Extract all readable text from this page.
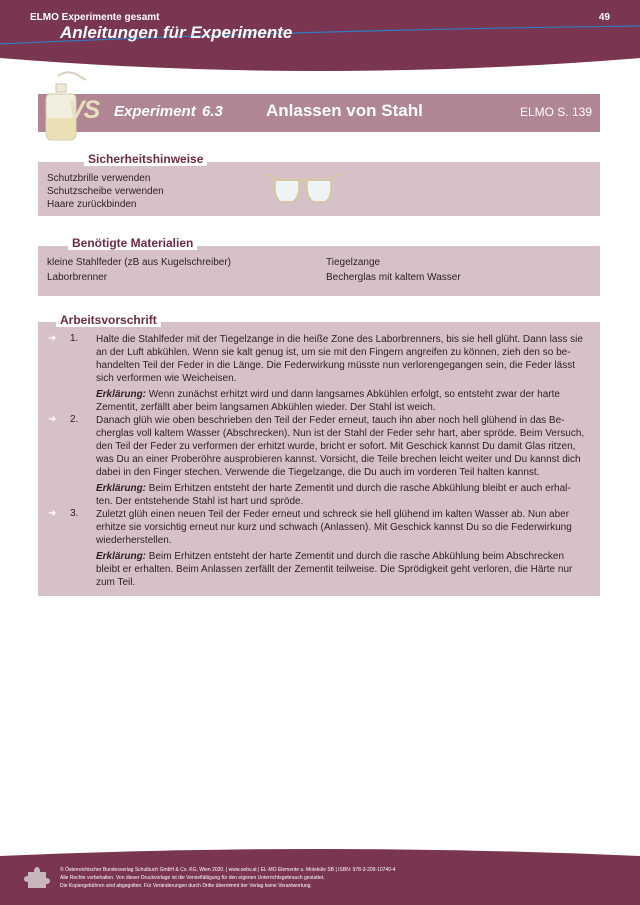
ELMO Experimente gesamt
Anleitungen für Experimente
49
VS Experiment 6.3	Anlassen von Stahl	ELMO S. 139
Sicherheitshinweise
Schutzbrille verwenden
Schutzscheibe verwenden
Haare zurückbinden
Benötigte Materialien
kleine Stahlfeder (zB aus Kugelschreiber)
Laborbrenner
Tiegelzange
Becherglas mit kaltem Wasser
➜ 1. Halte die Stahlfeder mit der Tiegelzange in die heiße Zone des Laborbrenners, bis sie hell glüht. Dann lass sie
an der Luft abkühlen. Wenn sie kalt genug ist, um sie mit den Fingern angreifen zu können, zieh den so be-
handelten Teil der Feder in die Länge. Die Federwirkung müsste nun verlorengegangen sein, die Feder lässt
sich verformen wie Weicheisen.
Erklärung: Wenn zunächst erhitzt wird und dann langsames Abkühlen erfolgt, so entsteht zwar der harte
Zementit, zerfällt aber beim langsamen Abkühlen wieder. Der Stahl ist weich.
➜ 2. Danach glüh wie oben beschrieben den Teil der Feder erneut, tauch ihn aber noch hell glühend in das Be-
cherglas voll kaltem Wasser (Abschrecken). Nun ist der Stahl der Feder sehr hart, aber spröde. Beim Versuch,
den Teil der Feder zu verformen der erhitzt wurde, bricht er sofort. Mit Geschick kannst Du damit Glas ritzen,
was Du an einer Proberöhre ausprobieren kannst. Vorsicht, die Teile brechen leicht weiter und Du kannst dich
dabei in den Finger stechen. Verwende die Tiegelzange, die Du auch im vorderen Teil halten kannst.
Erklärung: Beim Erhitzen entsteht der harte Zementit und durch die rasche Abkühlung bleibt er auch erhal-
ten. Der entstehende Stahl ist hart und spröde.
➜ 3. Zuletzt glüh einen neuen Teil der Feder erneut und schreck sie hell glühend im kalten Wasser ab. Nun aber
erhitze sie vorsichtig erneut nur kurz und schwach (Anlassen). Mit Geschick kannst Du so die Federwirkung
wiederherstellen.
Erklärung: Beim Erhitzen entsteht der harte Zementit und durch die rasche Abkühlung beim Abschrecken
bleibt er erhalten. Beim Anlassen zerfällt der Zementit teilweise. Die Sprödigkeit geht verloren, die Härte nur
zum Teil.
Arbeitsvorschrift
© Österreichischer Bundesverlag Schulbuch GmbH & Co. KG, Wien 2020. | www.oebv.at | EL-MO Elemente u. Moleküle SB | ISBN: 978-3-209-10740-4
Alle Rechte vorbehalten. Von dieser Druckvorlage ist die Vervielfältigung für den eigenen Unterrichtsgebrauch gestattet.
Die Kopiergebühren sind abgegolten. Für Veränderungen durch Dritte übernimmt der Verlag keine Verantwortung.
